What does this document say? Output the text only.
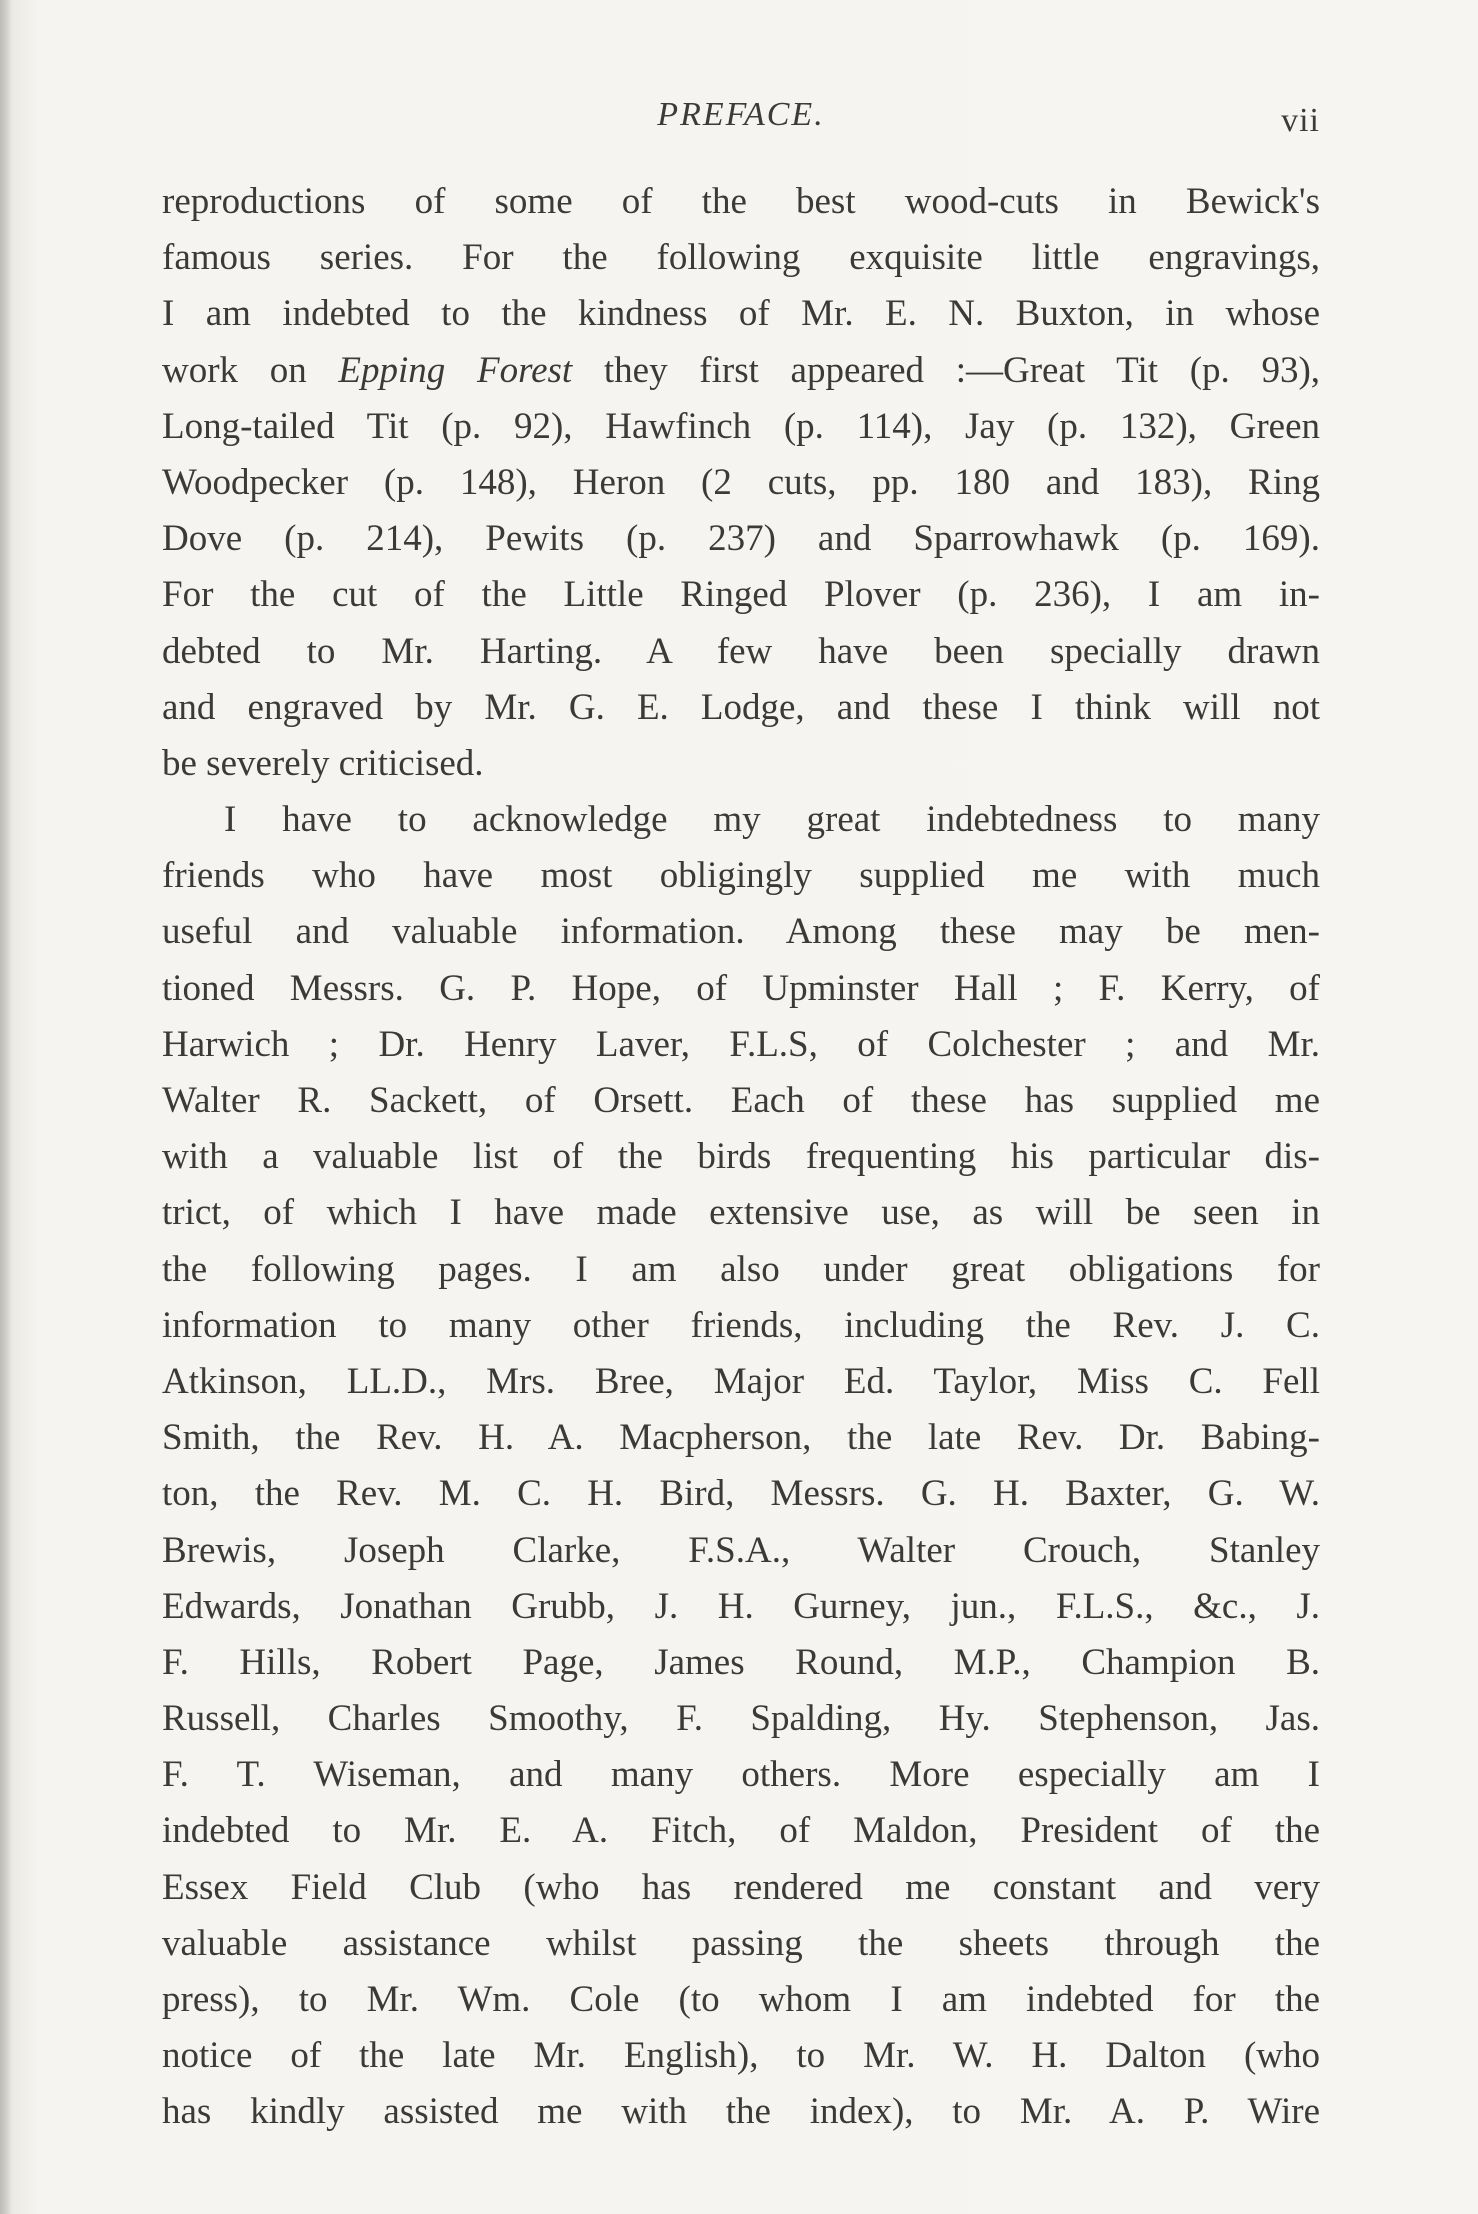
PREFACE.	vii
reproductions of some of the best wood-cuts in Bewick's
famous series. For the following exquisite little engravings,
I am indebted to the kindness of Mr. E. N. Buxton, in whose
work on Epping Forest they first appeared :—Great Tit (p. 93),
Long-tailed Tit (p. 92), Hawfinch (p. 114), Jay (p. 132), Green
Woodpecker (p. 148), Heron (2 cuts, pp. 180 and 183), Ring
Dove (p. 214), Pewits (p. 237) and Sparrowhawk (p. 169).
For the cut of the Little Ringed Plover (p. 236), I am in-
debted to Mr. Harting. A few have been specially drawn
and engraved by Mr. G. E. Lodge, and these I think will not
be severely criticised.
I have to acknowledge my great indebtedness to many
friends who have most obligingly supplied me with much
useful and valuable information. Among these may be men-
tioned Messrs. G. P. Hope, of Upminster Hall ; F. Kerry, of
Harwich ; Dr. Henry Laver, F.L.S, of Colchester ; and Mr.
Walter R. Sackett, of Orsett. Each of these has supplied me
with a valuable list of the birds frequenting his particular dis-
trict, of which I have made extensive use, as will be seen in
the following pages. I am also under great obligations for
information to many other friends, including the Rev. J. C.
Atkinson, LL.D., Mrs. Bree, Major Ed. Taylor, Miss C. Fell
Smith, the Rev. H. A. Macpherson, the late Rev. Dr. Babing-
ton, the Rev. M. C. H. Bird, Messrs. G. H. Baxter, G. W.
Brewis, Joseph Clarke, F.S.A., Walter Crouch, Stanley
Edwards, Jonathan Grubb, J. H. Gurney, jun., F.L.S., &c., J.
F. Hills, Robert Page, James Round, M.P., Champion B.
Russell, Charles Smoothy, F. Spalding, Hy. Stephenson, Jas.
F. T. Wiseman, and many others. More especially am I
indebted to Mr. E. A. Fitch, of Maldon, President of the
Essex Field Club (who has rendered me constant and very
valuable assistance whilst passing the sheets through the
press), to Mr. Wm. Cole (to whom I am indebted for the
notice of the late Mr. English), to Mr. W. H. Dalton (who
has kindly assisted me with the index), to Mr. A. P. Wire
